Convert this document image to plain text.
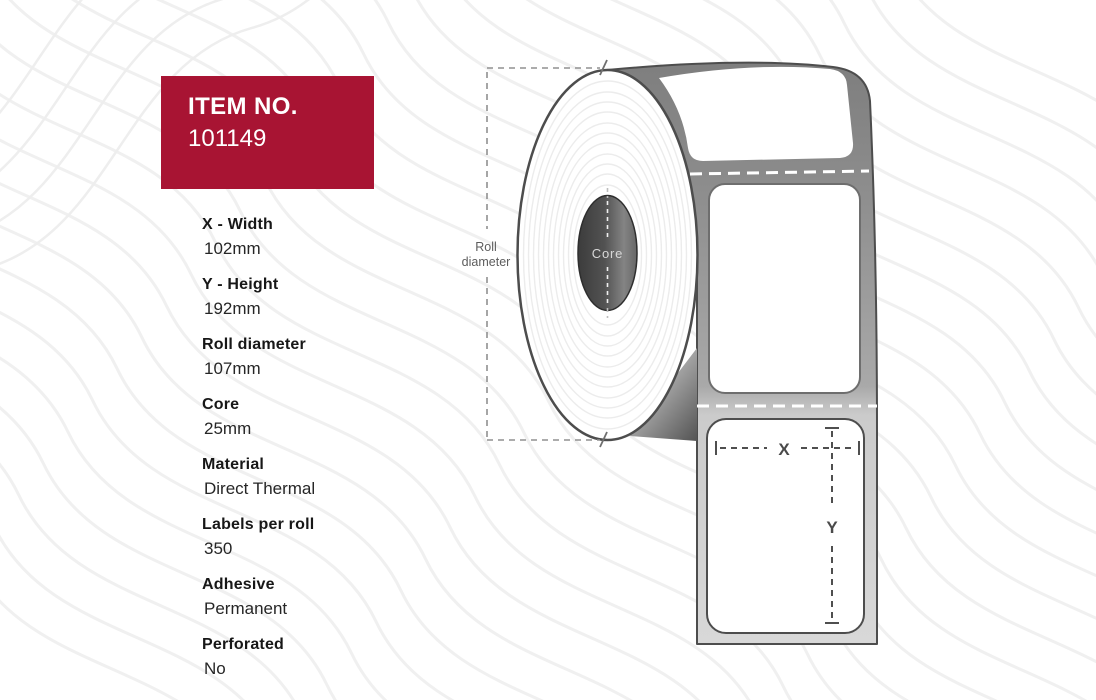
X
Y
Core
Roll
diameter
ITEM NO.
101149
X - Width
102mm
Y - Height
192mm
Roll diameter
107mm
Core
25mm
Material
Direct Thermal
Labels per roll
350
Adhesive
Permanent
Perforated
No
